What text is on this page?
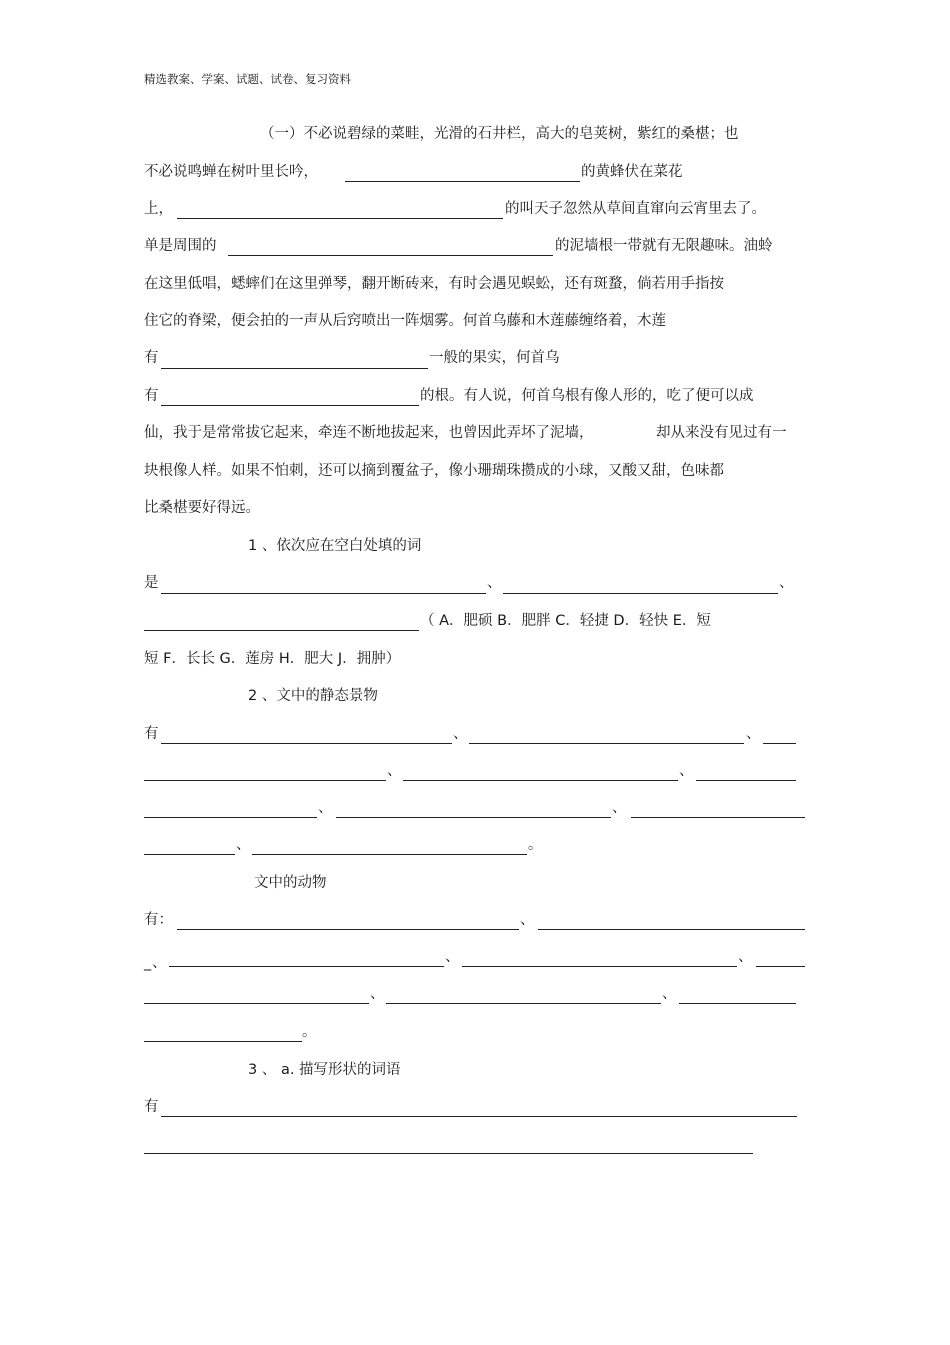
精选教案、学案、试题、试卷、复习资料
（一）不必说碧绿的菜畦，光滑的石井栏，高大的皂荚树，紫红的桑椹；也
不必说鸣蝉在树叶里长吟，	的黄蜂伏在菜花
上，	的叫天子忽然从草间直窜向云宵里去了。
单是周围的	的泥墙根一带就有无限趣味。油蛉
在这里低唱，蟋蟀们在这里弹琴，翻开断砖来，有时会遇见蜈蚣，还有斑蝥，倘若用手指按
住它的脊梁，便会拍的一声从后窍喷出一阵烟雾。何首乌藤和木莲藤缠络着，木莲
有	一般的果实，何首乌
有	的根。有人说，何首乌根有像人形的，吃了便可以成
仙，我于是常常拔它起来，牵连不断地拔起来，也曾因此弄坏了泥墙，	却从来没有见过有一
块根像人样。如果不怕刺，还可以摘到覆盆子，像小珊瑚珠攒成的小球，又酸又甜，色味都
比桑椹要好得远。
1 、依次应在空白处填的词
是	、	、
（ A．肥硕 B．肥胖 C．轻捷 D．轻快 E．短
短 F．长长 G．莲房 H．肥大 J．拥肿）
2 、文中的静态景物
有	、	、
、	、
、	、
、	。
文中的动物
有：	、
_ 、	、	、
、	、
。
3 、 a. 描写形状的词语
有
